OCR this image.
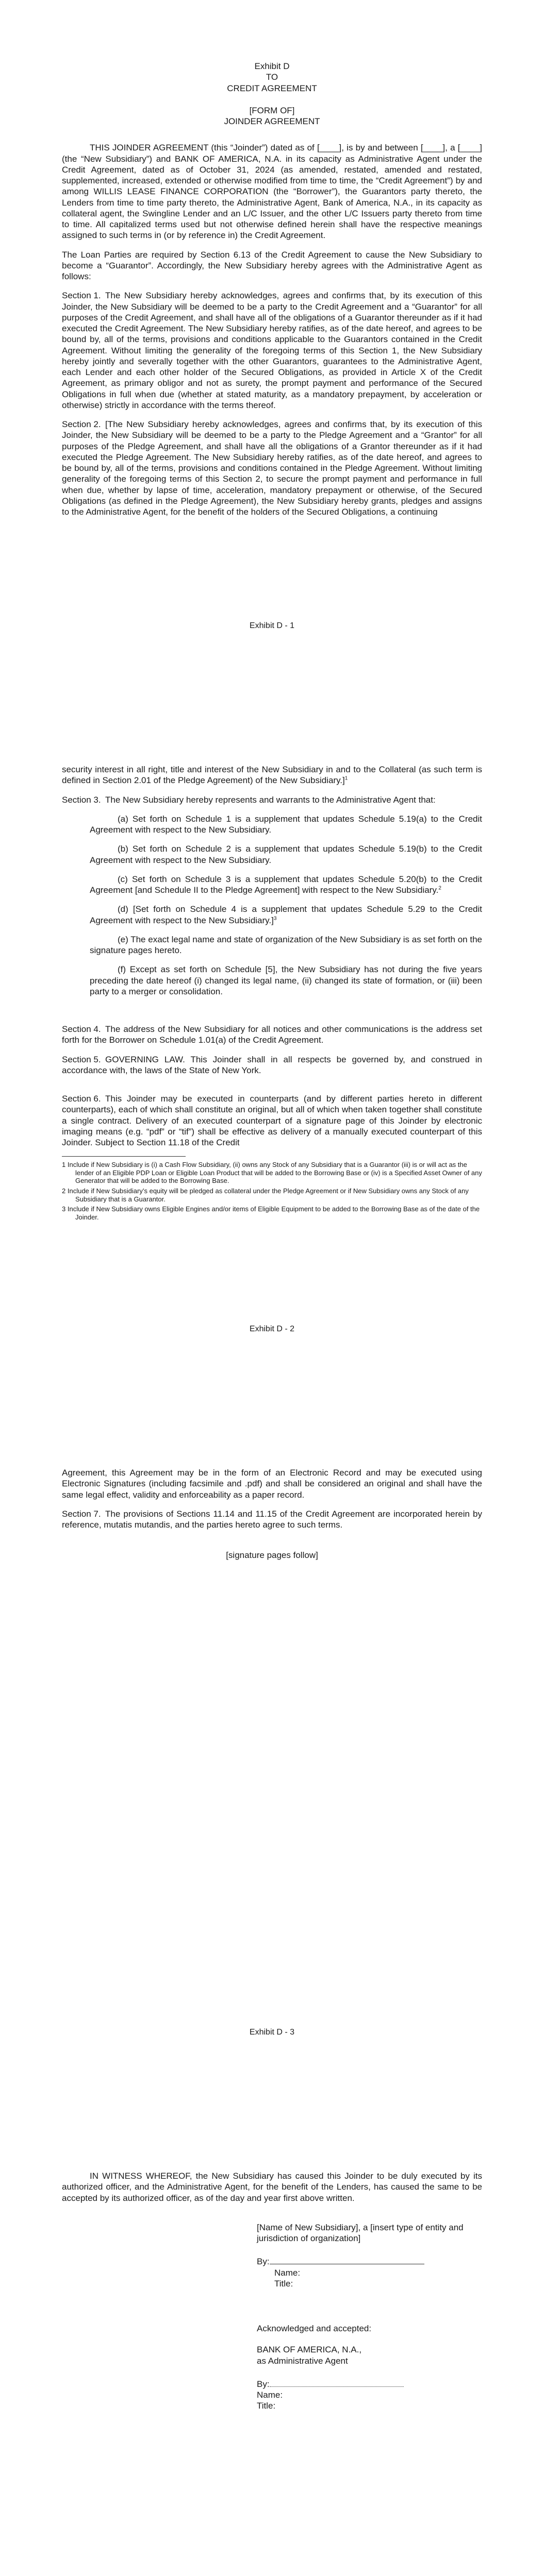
Exhibit D
TO
CREDIT AGREEMENT
[FORM OF]
JOINDER AGREEMENT

THIS JOINDER AGREEMENT (this “Joinder”) dated as of [____], is by and between [____], a [____] (the “New Subsidiary”) and BANK OF AMERICA, N.A. in its capacity as Administrative Agent under the Credit Agreement, dated as of October 31, 2024 (as amended, restated, amended and restated, supplemented, increased, extended or otherwise modified from time to time, the “Credit Agreement”) by and among WILLIS LEASE FINANCE CORPORATION (the “Borrower”), the Guarantors party thereto, the Lenders from time to time party thereto, the Administrative Agent, Bank of America, N.A., in its capacity as collateral agent, the Swingline Lender and an L/C Issuer, and the other L/C Issuers party thereto from time to time. All capitalized terms used but not otherwise defined herein shall have the respective meanings assigned to such terms in (or by reference in) the Credit Agreement.

The Loan Parties are required by Section 6.13 of the Credit Agreement to cause the New Subsidiary to become a “Guarantor”. Accordingly, the New Subsidiary hereby agrees with the Administrative Agent as follows:

Section 1. The New Subsidiary hereby acknowledges, agrees and confirms that, by its execution of this Joinder, the New Subsidiary will be deemed to be a party to the Credit Agreement and a “Guarantor” for all purposes of the Credit Agreement, and shall have all of the obligations of a Guarantor thereunder as if it had executed the Credit Agreement. The New Subsidiary hereby ratifies, as of the date hereof, and agrees to be bound by, all of the terms, provisions and conditions applicable to the Guarantors contained in the Credit Agreement. Without limiting the generality of the foregoing terms of this Section 1, the New Subsidiary hereby jointly and severally together with the other Guarantors, guarantees to the Administrative Agent, each Lender and each other holder of the Secured Obligations, as provided in Article X of the Credit Agreement, as primary obligor and not as surety, the prompt payment and performance of the Secured Obligations in full when due (whether at stated maturity, as a mandatory prepayment, by acceleration or otherwise) strictly in accordance with the terms thereof.

Section 2. [The New Subsidiary hereby acknowledges, agrees and confirms that, by its execution of this Joinder, the New Subsidiary will be deemed to be a party to the Pledge Agreement and a “Grantor” for all purposes of the Pledge Agreement, and shall have all the obligations of a Grantor thereunder as if it had executed the Pledge Agreement. The New Subsidiary hereby ratifies, as of the date hereof, and agrees to be bound by, all of the terms, provisions and conditions contained in the Pledge Agreement. Without limiting generality of the foregoing terms of this Section 2, to secure the prompt payment and performance in full when due, whether by lapse of time, acceleration, mandatory prepayment or otherwise, of the Secured Obligations (as defined in the Pledge Agreement), the New Subsidiary hereby grants, pledges and assigns to the Administrative Agent, for the benefit of the holders of the Secured Obligations, a continuing

Exhibit D - 1

security interest in all right, title and interest of the New Subsidiary in and to the Collateral (as such term is defined in Section 2.01 of the Pledge Agreement) of the New Subsidiary.]$^1$

Section 3. The New Subsidiary hereby represents and warrants to the Administrative Agent that:

(a) Set forth on Schedule 1 is a supplement that updates Schedule 5.19(a) to the Credit Agreement with respect to the New Subsidiary.

(b) Set forth on Schedule 2 is a supplement that updates Schedule 5.19(b) to the Credit Agreement with respect to the New Subsidiary.

(c) Set forth on Schedule 3 is a supplement that updates Schedule 5.20(b) to the Credit Agreement [and Schedule II to the Pledge Agreement] with respect to the New Subsidiary.$^2$

(d) [Set forth on Schedule 4 is a supplement that updates Schedule 5.29 to the Credit Agreement with respect to the New Subsidiary.]$^3$

(e) The exact legal name and state of organization of the New Subsidiary is as set forth on the signature pages hereto.

(f) Except as set forth on Schedule [5], the New Subsidiary has not during the five years preceding the date hereof (i) changed its legal name, (ii) changed its state of formation, or (iii) been party to a merger or consolidation.

Section 4. The address of the New Subsidiary for all notices and other communications is the address set forth for the Borrower on Schedule 1.01(a) of the Credit Agreement.

Section 5. GOVERNING LAW. This Joinder shall in all respects be governed by, and construed in accordance with, the laws of the State of New York.

Section 6. This Joinder may be executed in counterparts (and by different parties hereto in different counterparts), each of which shall constitute an original, but all of which when taken together shall constitute a single contract. Delivery of an executed counterpart of a signature page of this Joinder by electronic imaging means (e.g. “pdf” or “tif”) shall be effective as delivery of a manually executed counterpart of this Joinder. Subject to Section 11.18 of the Credit

1 Include if New Subsidiary is (i) a Cash Flow Subsidiary, (ii) owns any Stock of any Subsidiary that is a Guarantor (iii) is or will act as the lender of an Eligible PDP Loan or Eligible Loan Product that will be added to the Borrowing Base or (iv) is a Specified Asset Owner of any Generator that will be added to the Borrowing Base.
2 Include if New Subsidiary’s equity will be pledged as collateral under the Pledge Agreement or if New Subsidiary owns any Stock of any Subsidiary that is a Guarantor.
3 Include if New Subsidiary owns Eligible Engines and/or items of Eligible Equipment to be added to the Borrowing Base as of the date of the Joinder.
Exhibit D - 2

Agreement, this Agreement may be in the form of an Electronic Record and may be executed using Electronic Signatures (including facsimile and .pdf) and shall be considered an original and shall have the same legal effect, validity and enforceability as a paper record.

Section 7. The provisions of Sections 11.14 and 11.15 of the Credit Agreement are incorporated herein by reference, mutatis mutandis, and the parties hereto agree to such terms.

[signature pages follow]
Exhibit D - 3

IN WITNESS WHEREOF, the New Subsidiary has caused this Joinder to be duly executed by its authorized officer, and the Administrative Agent, for the benefit of the Lenders, has caused the same to be accepted by its authorized officer, as of the day and year first above written.

[Name of New Subsidiary], a [insert type of entity and jurisdiction of organization]
By:
Name:
Title:
Acknowledged and accepted:
BANK OF AMERICA, N.A.,
as Administrative Agent
By:
Name:
Title:
